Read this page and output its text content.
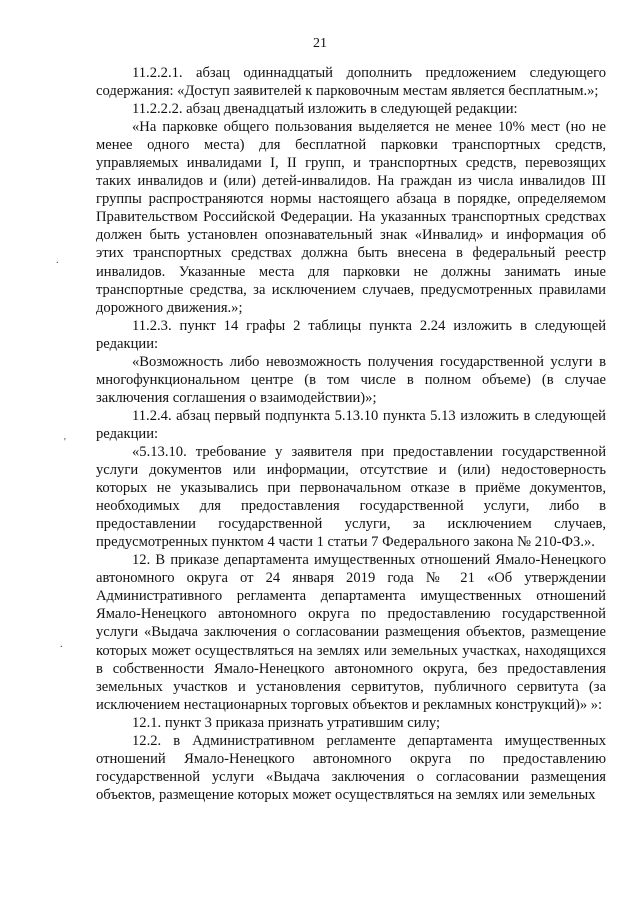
21
.
'
.

11.2.2.1. абзац одиннадцатый дополнить предложением следующего содержания: «Доступ заявителей к парковочным местам является бесплатным.»;

11.2.2.2. абзац двенадцатый изложить в следующей редакции:

«На парковке общего пользования выделяется не менее 10% мест (но не менее одного места) для бесплатной парковки транспортных средств, управляемых инвалидами I, II групп, и транспортных средств, перевозящих таких инвалидов и (или) детей-инвалидов. На граждан из числа инвалидов III группы распространяются нормы настоящего абзаца в порядке, определяемом Правительством Российской Федерации. На указанных транспортных средствах должен быть установлен опознавательный знак «Инвалид» и информация об этих транспортных средствах должна быть внесена в федеральный реестр инвалидов. Указанные места для парковки не должны занимать иные транспортные средства, за исключением случаев, предусмотренных правилами дорожного движения.»;

11.2.3. пункт 14 графы 2 таблицы пункта 2.24 изложить в следующей редакции:

«Возможность либо невозможность получения государственной услуги в многофункциональном центре (в том числе в полном объеме) (в случае заключения соглашения о взаимодействии)»;

11.2.4. абзац первый подпункта 5.13.10 пункта 5.13 изложить в следующей редакции:

«5.13.10. требование у заявителя при предоставлении государственной услуги документов или информации, отсутствие и (или) недостоверность которых не указывались при первоначальном отказе в приёме документов, необходимых для предоставления государственной услуги, либо в предоставлении государственной услуги, за исключением случаев, предусмотренных пунктом 4 части 1 статьи 7 Федерального закона № 210-ФЗ.».

12. В приказе департамента имущественных отношений Ямало-Ненецкого автономного округа от 24 января 2019 года № 21 «Об утверждении Административного регламента департамента имущественных отношений Ямало-Ненецкого автономного округа по предоставлению государственной услуги «Выдача заключения о согласовании размещения объектов, размещение которых может осуществляться на землях или земельных участках, находящихся в собственности Ямало-Ненецкого автономного округа, без предоставления земельных участков и установления сервитутов, публичного сервитута (за исключением нестационарных торговых объектов и рекламных конструкций)» »:

12.1. пункт 3 приказа признать утратившим силу;

12.2. в Административном регламенте департамента имущественных отношений Ямало-Ненецкого автономного округа по предоставлению государственной услуги «Выдача заключения о согласовании размещения объектов, размещение которых может осуществляться на землях или земельных
